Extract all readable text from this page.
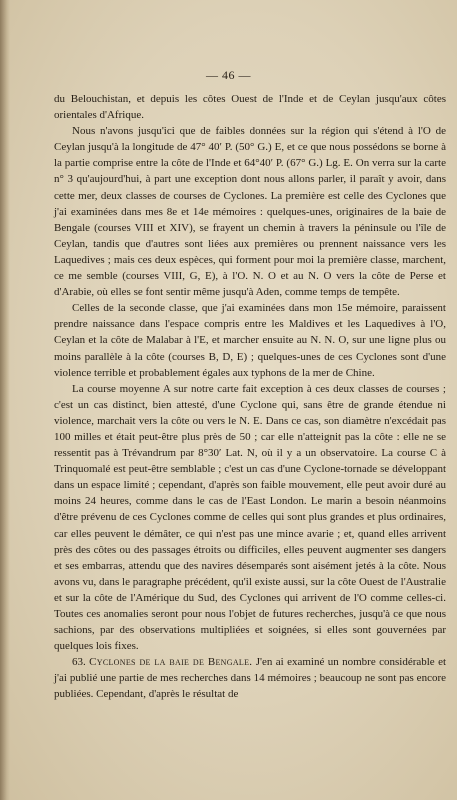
— 46 —

du Belouchistan, et depuis les côtes Ouest de l'Inde et de Ceylan jusqu'aux côtes orientales d'Afrique.

Nous n'avons jusqu'ici que de faibles données sur la région qui s'étend à l'O de Ceylan jusqu'à la longitude de 47° 40′ P. (50° G.) E, et ce que nous possédons se borne à la partie comprise entre la côte de l'Inde et 64°40′ P. (67° G.) Lg. E. On verra sur la carte n° 3 qu'aujourd'hui, à part une exception dont nous allons parler, il paraît y avoir, dans cette mer, deux classes de courses de Cyclones. La première est celle des Cyclones que j'ai examinées dans mes 8e et 14e mémoires : quelques-unes, originaires de la baie de Bengale (courses VIII et XIV), se frayent un chemin à travers la péninsule ou l'île de Ceylan, tandis que d'autres sont liées aux premières ou prennent naissance vers les Laquedives ; mais ces deux espèces, qui forment pour moi la première classe, marchent, ce me semble (courses VIII, G, E), à l'O. N. O et au N. O vers la côte de Perse et d'Arabie, où elles se font sentir même jusqu'à Aden, comme temps de tempête.

Celles de la seconde classe, que j'ai examinées dans mon 15e mémoire, paraissent prendre naissance dans l'espace compris entre les Maldives et les Laquedives à l'O, Ceylan et la côte de Malabar à l'E, et marcher ensuite au N. N. O, sur une ligne plus ou moins parallèle à la côte (courses B, D, E) ; quelques-unes de ces Cyclones sont d'une violence terrible et probablement égales aux typhons de la mer de Chine.

La course moyenne A sur notre carte fait exception à ces deux classes de courses ; c'est un cas distinct, bien attesté, d'une Cyclone qui, sans être de grande étendue ni violence, marchait vers la côte ou vers le N. E. Dans ce cas, son diamètre n'excédait pas 100 milles et était peut-être plus près de 50 ; car elle n'atteignit pas la côte : elle ne se ressentit pas à Trévandrum par 8°30′ Lat. N, où il y a un observatoire. La course C à Trinquomalé est peut-être semblable ; c'est un cas d'une Cyclone-tornade se développant dans un espace limité ; cependant, d'après son faible mouvement, elle peut avoir duré au moins 24 heures, comme dans le cas de l'East London. Le marin a besoin néanmoins d'être prévenu de ces Cyclones comme de celles qui sont plus grandes et plus ordinaires, car elles peuvent le démâter, ce qui n'est pas une mince avarie ; et, quand elles arrivent près des côtes ou des passages étroits ou difficiles, elles peuvent augmenter ses dangers et ses embarras, attendu que des navires désemparés sont aisément jetés à la côte. Nous avons vu, dans le paragraphe précédent, qu'il existe aussi, sur la côte Ouest de l'Australie et sur la côte de l'Amérique du Sud, des Cyclones qui arrivent de l'O comme celles-ci. Toutes ces anomalies seront pour nous l'objet de futures recherches, jusqu'à ce que nous sachions, par des observations multipliées et soignées, si elles sont gouvernées par quelques lois fixes.

63. Cyclones de la baie de Bengale. J'en ai examiné un nombre considérable et j'ai publié une partie de mes recherches dans 14 mémoires ; beaucoup ne sont pas encore publiées. Cependant, d'après le résultat de
